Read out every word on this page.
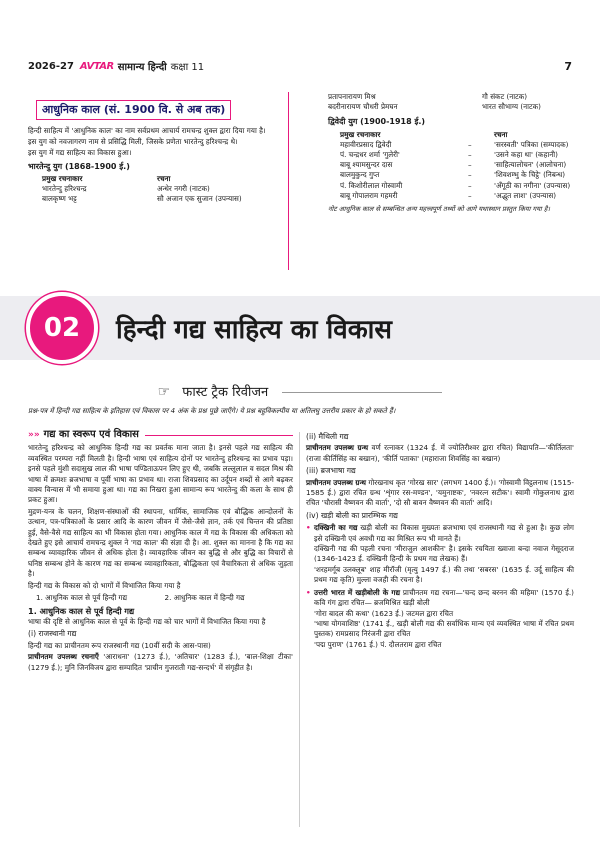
2026-27 AVTAR सामान्य हिन्दी कक्षा 11	7
आधुनिक काल (सं. 1900 वि. से अब तक)

हिन्दी साहित्य में 'आधुनिक काल' का नाम सर्वप्रथम आचार्य रामचन्द्र शुक्ल द्वारा दिया गया है।

इस युग को नवजागरण नाम से प्रसिद्धि मिली, जिसके प्रणेता भारतेन्दु हरिश्चन्द्र थे।

इस युग में गद्य साहित्य का विकास हुआ।

भारतेन्दु युग (1868-1900 ई.)
प्रमुख रचनाकार	रचना
भारतेन्दु हरिश्चन्द्र	अन्धेर नगरी (नाटक)
बालकृष्ण भट्ट	सौ अजान एक सुजान (उपन्यास)
प्रतापनारायण मिश्र	गौ संकट (नाटक)
बदरीनारायण चौधरी प्रेमघन	भारत सौभाग्य (नाटक)
द्विवेदी युग (1900-1918 ई.)
प्रमुख रचनाकार	रचना
महावीरप्रसाद द्विवेदी	–	'सरस्वती' पत्रिका (सम्पादक)
पं. चन्द्रधर शर्मा 'गुलेरी'	–	'उसने कहा था' (कहानी)
बाबू श्यामसुन्दर दास	–	'साहित्यालोचन' (आलोचना)
बालमुकुन्द गुप्त	–	'शिवशम्भु के चिट्ठे' (निबन्ध)
पं. किशोरीलाल गोस्वामी	–	'अँगूठी का नगीना' (उपन्यास)
बाबू गोपालराम गहमरी	–	'अद्भुत लाश' (उपन्यास)

नोट आधुनिक काल से सम्बन्धित अन्य महत्त्वपूर्ण तथ्यों को आगे यथास्थान प्रस्तुत किया गया है।

02	हिन्दी गद्य साहित्य का विकास
☞ फास्ट ट्रैक रिवीजन

प्रश्न-पत्र में हिन्दी गद्य साहित्य के इतिहास एवं विकास पर 4 अंक के प्रश्न पूछे जाएँगे। ये प्रश्न बहुविकल्पीय या अतिलघु उत्तरीय प्रकार के हो सकते हैं।

»» गद्य का स्वरूप एवं विकास

भारतेन्दु हरिश्चन्द्र को आधुनिक हिन्दी गद्य का प्रवर्तक माना जाता है। इनसे पहले गद्य साहित्य की व्यवस्थित परम्परा नहीं मिलती है। हिन्दी भाषा एवं साहित्य दोनों पर भारतेन्दु हरिश्चन्द्र का प्रभाव पड़ा। इनसे पहले मुंशी सदासुख लाल की भाषा पण्डिताऊपन लिए हुए थी, जबकि लल्लूलाल व सदल मिश्र की भाषा में क्रमशः ब्रजभाषा व पूर्वी भाषा का प्रभाव था। राजा शिवप्रसाद का उर्दूपन शब्दों से आगे बढ़कर वाक्य विन्यास में भी समाया हुआ था। गद्य का निखरा हुआ सामान्य रूप भारतेन्दु की कला के साथ ही प्रकट हुआ।

मुद्रण-यन्त्र के चलन, शिक्षण-संस्थाओं की स्थापना, धार्मिक, सामाजिक एवं बौद्धिक आन्दोलनों के उत्थान, पत्र-पत्रिकाओं के प्रसार आदि के कारण जीवन में जैसे-जैसे ज्ञान, तर्क एवं चिन्तन की प्रतिष्ठा हुई, वैसे-वैसे गद्य साहित्य का भी विकास होता गया। आधुनिक काल में गद्य के विकास की अधिकता को देखते हुए इसे आचार्य रामचन्द्र शुक्ल ने 'गद्य काल' की संज्ञा दी है। आ. शुक्ल का मानना है कि गद्य का सम्बन्ध व्यावहारिक जीवन से अधिक होता है। व्यावहारिक जीवन का बुद्धि से और बुद्धि का विचारों से घनिष्ठ सम्बन्ध होने के कारण गद्य का सम्बन्ध व्यावहारिकता, बौद्धिकता एवं वैचारिकता से अधिक जुड़ता है।

हिन्दी गद्य के विकास को दो भागों में विभाजित किया गया है

1. आधुनिक काल से पूर्व हिन्दी गद्य	2. आधुनिक काल में हिन्दी गद्य
1. आधुनिक काल से पूर्व हिन्दी गद्य

भाषा की दृष्टि से आधुनिक काल से पूर्व के हिन्दी गद्य को चार भागों में विभाजित किया गया है

(i) राजस्थानी गद्य

हिन्दी गद्य का प्राचीनतम रूप राजस्थानी गद्य (10वीं सदी के आस-पास)

प्राचीनतम उपलब्ध रचनाएँ 'आराधना' (1273 ई.), 'अतिचार' (1283 ई.), 'बाल-शिक्षा टीका' (1279 ई.); मुनि जिनविजय द्वारा सम्पादित 'प्राचीन गुजराती गद्य-सन्दर्भ' में संगृहीत है।

(ii) मैथिली गद्य

प्राचीनतम उपलब्ध ग्रन्थ वर्ण रत्नाकर (1324 ई. में ज्योतिरीश्वर द्वारा रचित) विद्यापति—'कीर्तिलता' (राजा कीर्तिसिंह का बखान), 'कीर्ति पताका' (महाराजा शिवसिंह का बखान)

(iii) ब्रजभाषा गद्य

प्राचीनतम उपलब्ध ग्रन्थ गोरखनाथ कृत 'गोरख सार' (लगभग 1400 ई.)। 'गोस्वामी विट्ठलनाथ (1515-1585 ई.) द्वारा रचित ग्रन्थ 'शृंगार रस-मण्डन', 'यमुनाष्टक', 'नवरत्न सटीक'। स्वामी गोकुलनाथ द्वारा रचित 'चौरासी वैष्णवन की वार्ता', 'दो सौ बावन वैष्णवन की वार्ता' आदि।

(iv) खड़ी बोली का प्रारम्भिक गद्य
• दक्खिनी का गद्य खड़ी बोली का विकास मुख्यतः ब्रजभाषा एवं राजस्थानी गद्य से हुआ है। कुछ लोग इसे दक्खिनी एवं अवधी गद्य का मिश्रित रूप भी मानते हैं।

दक्खिनी गद्य की पहली रचना 'मीराजुल आशकीन' है। इसके रचयिता ख्वाजा बन्दा नवाज गेसूदराज (1346-1423 ई. दक्खिनी हिन्दी के प्रथम गद्य लेखक) हैं।

'शरहमर्गूब उलक्लूब' शाह मीरॉजी (मृत्यु 1497 ई.) की तथा 'सबरस' (1635 ई. उर्दू साहित्य की प्रथम गद्य कृति) मुल्ला वजही की रचना है।

• उत्तरी भारत में खड़ीबोली के गद्य प्राचीनतम गद्य रचना—'चन्द छन्द बरनन की महिमा' (1570 ई.) कवि गंग द्वारा रचित— ब्रजमिश्रित खड़ी बोली

'गोरा बादल की कथा' (1623 ई.) जटमल द्वारा रचित

'भाषा योगवाशिष्ठ' (1741 ई., खड़ी बोली गद्य की सर्वाधिक मान्य एवं व्यवस्थित भाषा में रचित प्रथम पुस्तक) रामप्रसाद निरंजनी द्वारा रचित

'पद्म पुराण' (1761 ई.) पं. दौलतराम द्वारा रचित
